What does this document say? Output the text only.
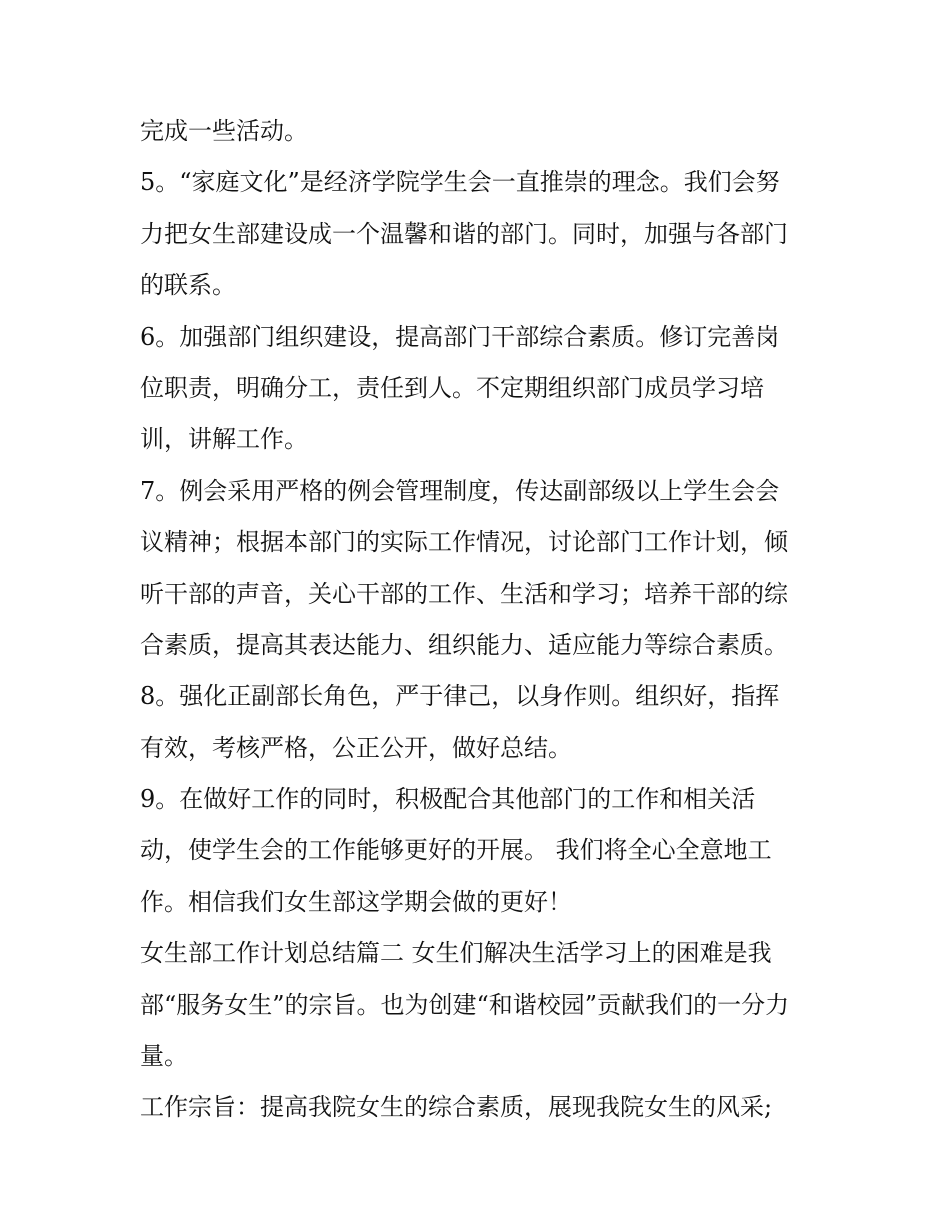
完成一些活动。
5。“家庭文化”是经济学院学生会一直推崇的理念。我们会努
力把女生部建设成一个温馨和谐的部门。同时，加强与各部门
的联系。
6。加强部门组织建设，提高部门干部综合素质。修订完善岗
位职责，明确分工，责任到人。不定期组织部门成员学习培
训，讲解工作。
7。例会采用严格的例会管理制度，传达副部级以上学生会会
议精神；根据本部门的实际工作情况，讨论部门工作计划，倾
听干部的声音，关心干部的工作、生活和学习；培养干部的综
合素质，提高其表达能力、组织能力、适应能力等综合素质。
8。强化正副部长角色，严于律己，以身作则。组织好，指挥
有效，考核严格，公正公开，做好总结。
9。在做好工作的同时，积极配合其他部门的工作和相关活
动，使学生会的工作能够更好的开展。 我们将全心全意地工
作。相信我们女生部这学期会做的更好！
女生部工作计划总结篇二 女生们解决生活学习上的困难是我
部“服务女生”的宗旨。也为创建“和谐校园”贡献我们的一分力
量。
工作宗旨：提高我院女生的综合素质，展现我院女生的风采;
